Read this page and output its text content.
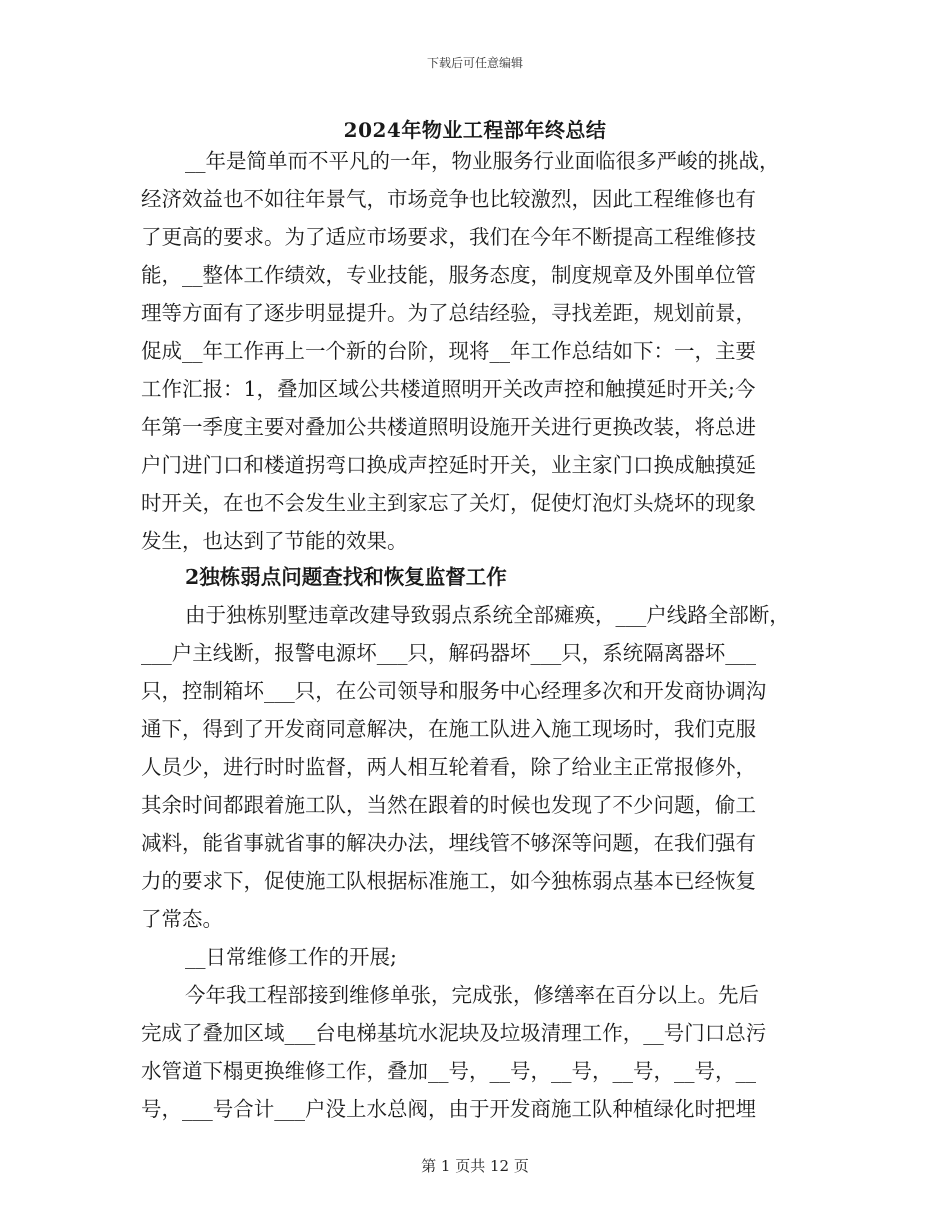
下载后可任意编辑
2024年物业工程部年终总结
__年是简单而不平凡的一年，物业服务行业面临很多严峻的挑战，
经济效益也不如往年景气，市场竞争也比较激烈，因此工程维修也有
了更高的要求。为了适应市场要求，我们在今年不断提高工程维修技
能，__整体工作绩效，专业技能，服务态度，制度规章及外围单位管
理等方面有了逐步明显提升。为了总结经验，寻找差距，规划前景，
促成__年工作再上一个新的台阶，现将__年工作总结如下：一，主要
工作汇报：1，叠加区域公共楼道照明开关改声控和触摸延时开关;今
年第一季度主要对叠加公共楼道照明设施开关进行更换改装，将总进
户门进门口和楼道拐弯口换成声控延时开关，业主家门口换成触摸延
时开关，在也不会发生业主到家忘了关灯，促使灯泡灯头烧坏的现象
发生，也达到了节能的效果。
2独栋弱点问题查找和恢复监督工作
由于独栋别墅违章改建导致弱点系统全部瘫痪，___户线路全部断，
___户主线断，报警电源坏___只，解码器坏___只，系统隔离器坏___
只，控制箱坏___只，在公司领导和服务中心经理多次和开发商协调沟
通下，得到了开发商同意解决，在施工队进入施工现场时，我们克服
人员少，进行时时监督，两人相互轮着看，除了给业主正常报修外，
其余时间都跟着施工队，当然在跟着的时候也发现了不少问题，偷工
减料，能省事就省事的解决办法，埋线管不够深等问题，在我们强有
力的要求下，促使施工队根据标准施工，如今独栋弱点基本已经恢复
了常态。
__日常维修工作的开展;
今年我工程部接到维修单张，完成张，修缮率在百分以上。先后
完成了叠加区域___台电梯基坑水泥块及垃圾清理工作，__号门口总污
水管道下榻更换维修工作，叠加__号，__号，__号，__号，__号，__
号，___号合计___户没上水总阀，由于开发商施工队种植绿化时把埋
第 1 页共 12 页
